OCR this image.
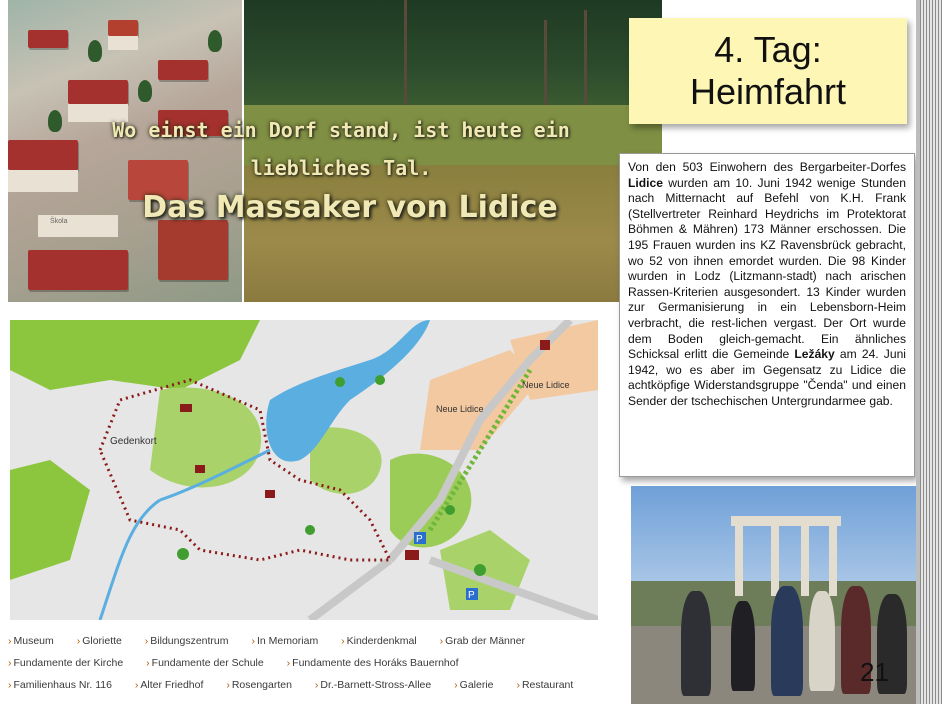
Škola
Wo einst ein Dorf stand, ist heute ein liebliches Tal.
Das Massaker von Lidice
4. Tag:
Heimfahrt

Von den 503 Einwohern des Bergarbeiter-Dorfes Lidice wurden am 10. Juni 1942 wenige Stunden nach Mitternacht auf Befehl von K.H. Frank (Stellvertreter Reinhard Heydrichs im Protektorat Böhmen & Mähren) 173 Männer erschossen. Die 195 Frauen wurden ins KZ Ravensbrück gebracht, wo 52 von ihnen emordet wurden. Die 98 Kinder wurden in Lodz (Litzmann-stadt) nach arischen Rassen-Kriterien ausgesondert. 13 Kinder wurden zur Germanisierung in ein Lebensborn-Heim verbracht, die rest-lichen vergast. Der Ort wurde dem Boden gleich-gemacht. Ein ähnliches Schicksal erlitt die Gemeinde Ležáky am 24. Juni 1942, wo es aber im Gegensatz zu Lidice die achtköpfige Widerstandsgruppe "Čenda" und einen Sender der tschechischen Untergrundarmee gab.

P
P
Gedenkort
Neue Lidice
Neue Lidice
› Museum › Gloriette › Bildungszentrum › In Memoriam › Kinderdenkmal › Grab der Männer
› Fundamente der Kirche › Fundamente der Schule › Fundamente des Horáks Bauernhof
› Familienhaus Nr. 116 › Alter Friedhof › Rosengarten › Dr.-Barnett-Stross-Allee › Galerie › Restaurant	21
